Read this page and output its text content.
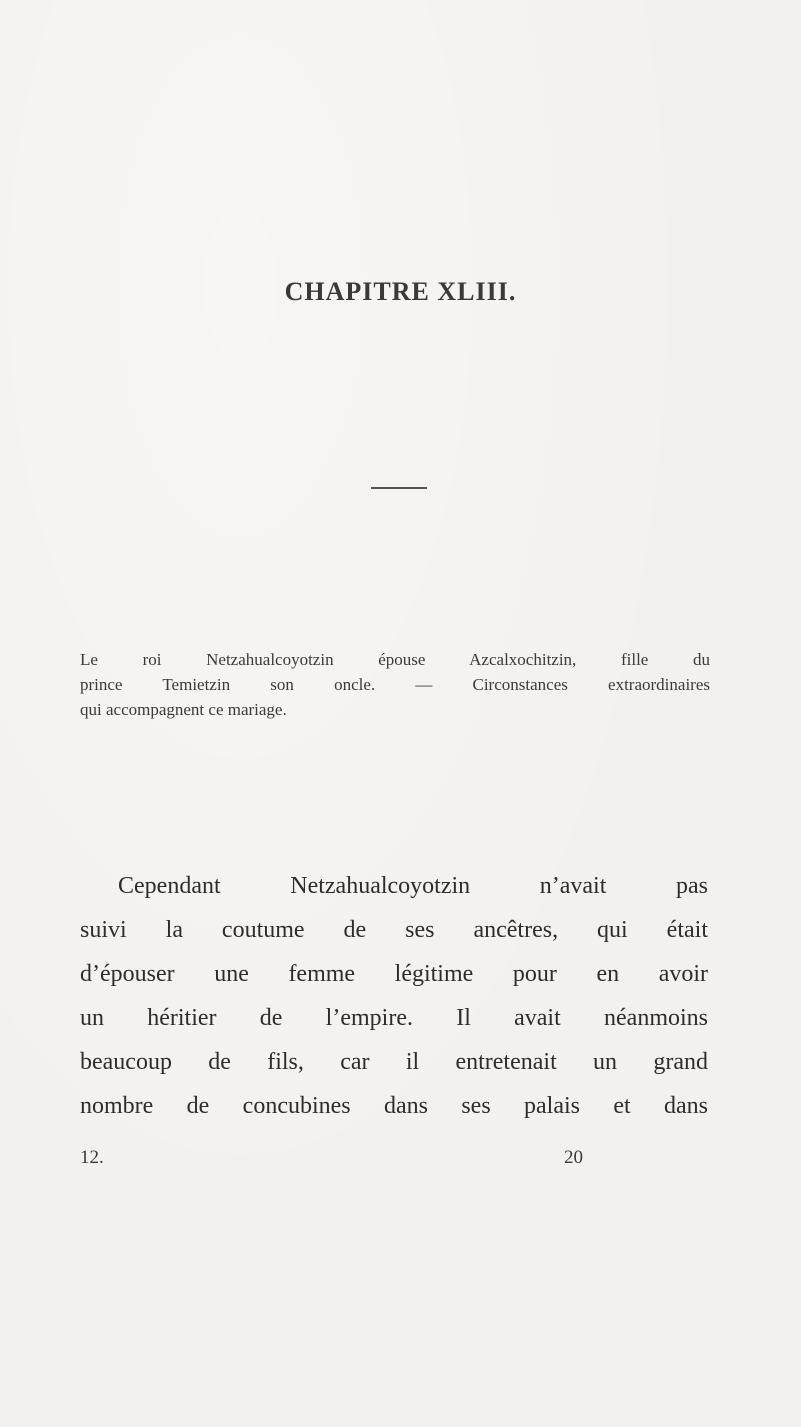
CHAPITRE XLIII.

Le roi Netzahualcoyotzin épouse Azcalxochitzin, fille du
prince Temietzin son oncle. — Circonstances extraordinaires
qui accompagnent ce mariage.

Cependant Netzahualcoyotzin n’avait pas
suivi la coutume de ses ancêtres, qui était
d’épouser une femme légitime pour en avoir
un héritier de l’empire. Il avait néanmoins
beaucoup de fils, car il entretenait un grand
nombre de concubines dans ses palais et dans

12.	20
